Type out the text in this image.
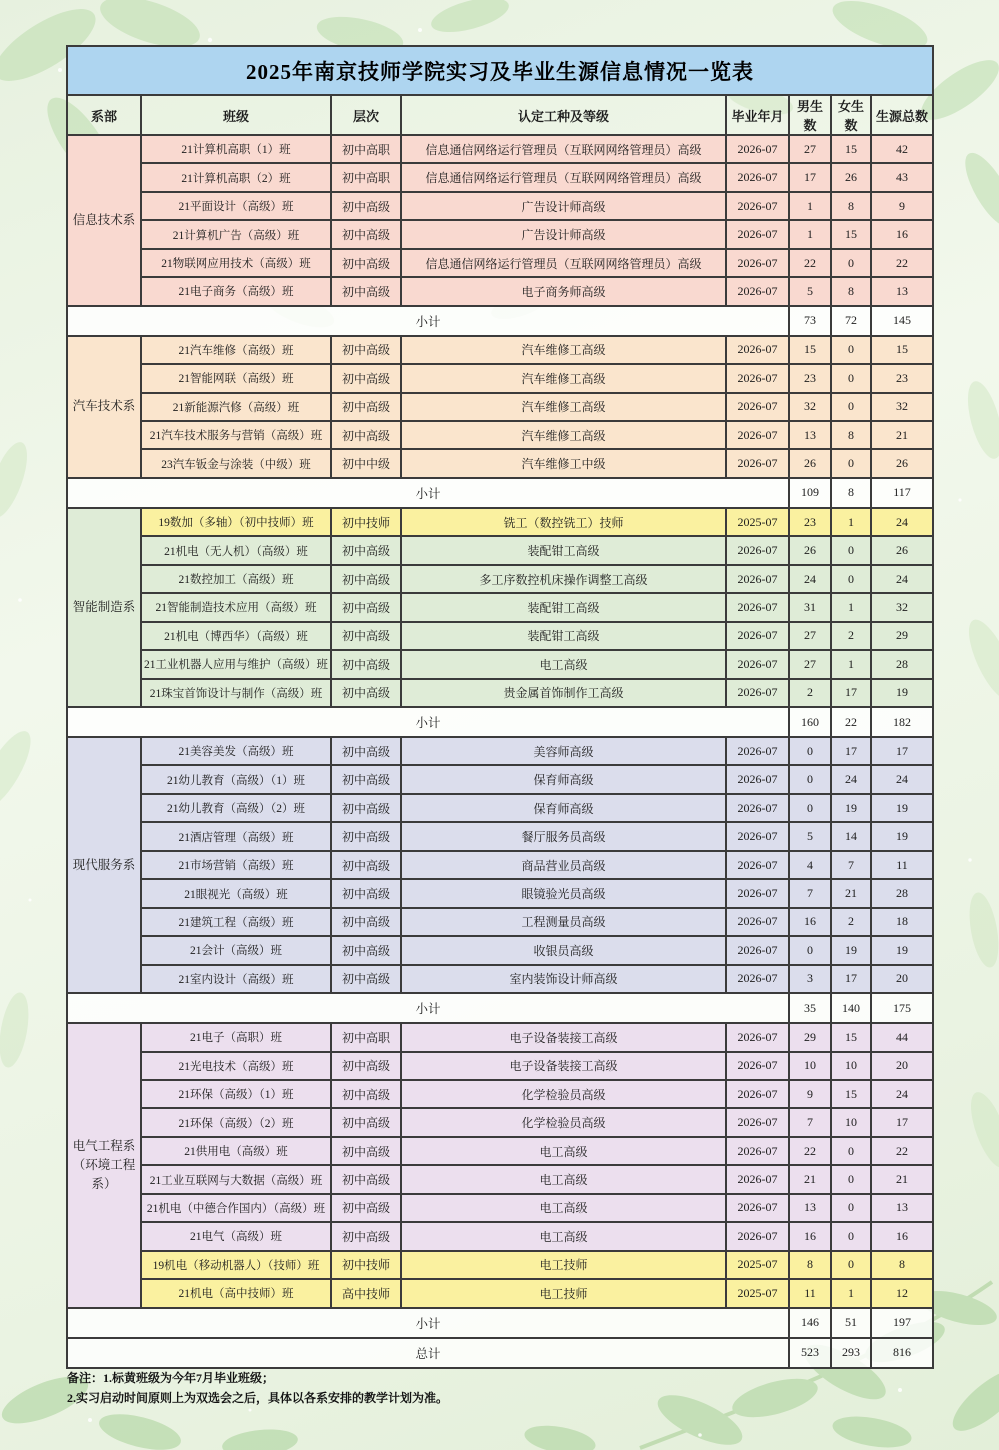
2025年南京技师学院实习及毕业生源信息情况一览表							
系部	班级	层次	认定工种及等级	毕业年月	男生数	女生数	生源总数
信息技术系	21计算机高职（1）班	初中高职	信息通信网络运行管理员（互联网网络管理员）高级	2026-07	27	15	42
	21计算机高职（2）班	初中高职	信息通信网络运行管理员（互联网网络管理员）高级	2026-07	17	26	43
	21平面设计（高级）班	初中高级	广告设计师高级	2026-07	1	8	9
	21计算机广告（高级）班	初中高级	广告设计师高级	2026-07	1	15	16
	21物联网应用技术（高级）班	初中高级	信息通信网络运行管理员（互联网网络管理员）高级	2026-07	22	0	22
	21电子商务（高级）班	初中高级	电子商务师高级	2026-07	5	8	13
小计					73	72	145
汽车技术系	21汽车维修（高级）班	初中高级	汽车维修工高级	2026-07	15	0	15
	21智能网联（高级）班	初中高级	汽车维修工高级	2026-07	23	0	23
	21新能源汽修（高级）班	初中高级	汽车维修工高级	2026-07	32	0	32
	21汽车技术服务与营销（高级）班	初中高级	汽车维修工高级	2026-07	13	8	21
	23汽车钣金与涂装（中级）班	初中中级	汽车维修工中级	2026-07	26	0	26
小计					109	8	117
智能制造系	19数加（多轴）（初中技师）班	初中技师	铣工（数控铣工）技师	2025-07	23	1	24
	21机电（无人机）（高级）班	初中高级	装配钳工高级	2026-07	26	0	26
	21数控加工（高级）班	初中高级	多工序数控机床操作调整工高级	2026-07	24	0	24
	21智能制造技术应用（高级）班	初中高级	装配钳工高级	2026-07	31	1	32
	21机电（博西华）（高级）班	初中高级	装配钳工高级	2026-07	27	2	29
	21工业机器人应用与维护（高级）班	初中高级	电工高级	2026-07	27	1	28
	21珠宝首饰设计与制作（高级）班	初中高级	贵金属首饰制作工高级	2026-07	2	17	19
小计					160	22	182
现代服务系	21美容美发（高级）班	初中高级	美容师高级	2026-07	0	17	17
	21幼儿教育（高级）（1）班	初中高级	保育师高级	2026-07	0	24	24
	21幼儿教育（高级）（2）班	初中高级	保育师高级	2026-07	0	19	19
	21酒店管理（高级）班	初中高级	餐厅服务员高级	2026-07	5	14	19
	21市场营销（高级）班	初中高级	商品营业员高级	2026-07	4	7	11
	21眼视光（高级）班	初中高级	眼镜验光员高级	2026-07	7	21	28
	21建筑工程（高级）班	初中高级	工程测量员高级	2026-07	16	2	18
	21会计（高级）班	初中高级	收银员高级	2026-07	0	19	19
	21室内设计（高级）班	初中高级	室内装饰设计师高级	2026-07	3	17	20
小计					35	140	175
电气工程系（环境工程系）	21电子（高职）班	初中高职	电子设备装接工高级	2026-07	29	15	44
	21光电技术（高级）班	初中高级	电子设备装接工高级	2026-07	10	10	20
	21环保（高级）（1）班	初中高级	化学检验员高级	2026-07	9	15	24
	21环保（高级）（2）班	初中高级	化学检验员高级	2026-07	7	10	17
	21供用电（高级）班	初中高级	电工高级	2026-07	22	0	22
	21工业互联网与大数据（高级）班	初中高级	电工高级	2026-07	21	0	21
	21机电（中德合作国内）（高级）班	初中高级	电工高级	2026-07	13	0	13
	21电气（高级）班	初中高级	电工高级	2026-07	16	0	16
	19机电（移动机器人）（技师）班	初中技师	电工技师	2025-07	8	0	8
	21机电（高中技师）班	高中技师	电工技师	2025-07	11	1	12
小计					146	51	197
总计					523	293	816
备注：1.标黄班级为今年7月毕业班级；
2.实习启动时间原则上为双选会之后，具体以各系安排的教学计划为准。
